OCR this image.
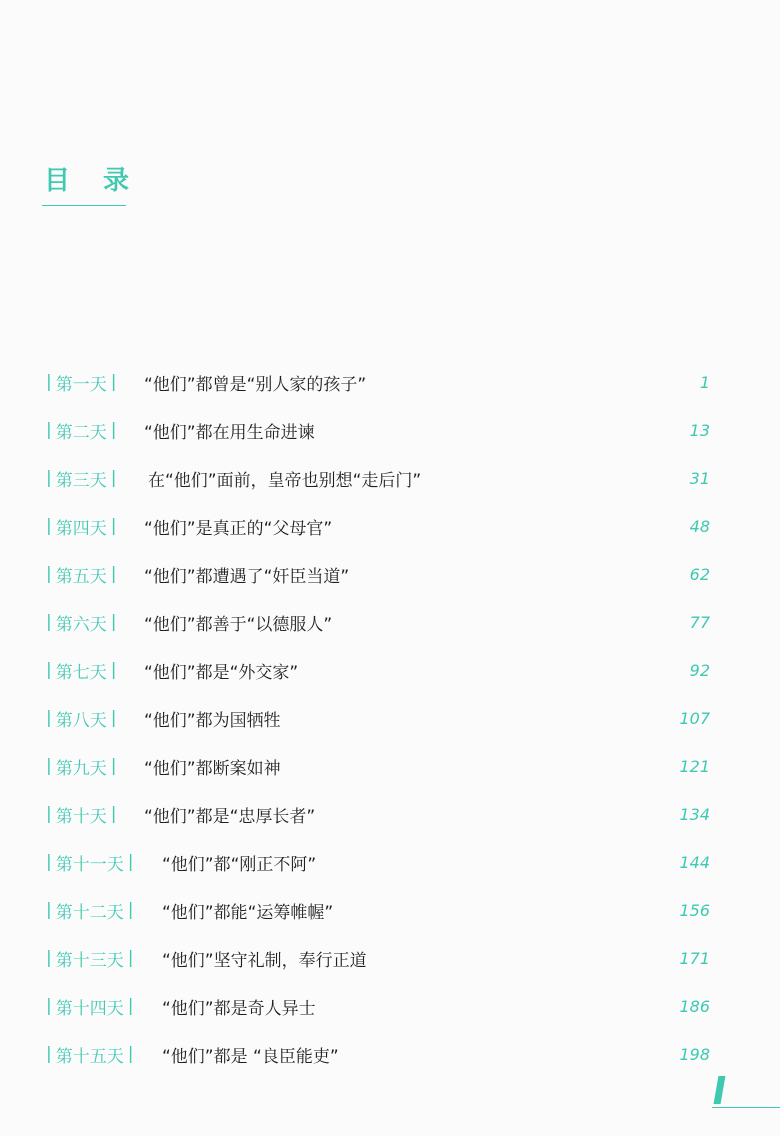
目 录
| 第一天 | “他们”都曾是“别人家的孩子”	1
| 第二天 | “他们”都在用生命进谏	13
| 第三天 | 在“他们”面前，皇帝也别想“走后门”	31
| 第四天 | “他们”是真正的“父母官”	48
| 第五天 | “他们”都遭遇了“奸臣当道”	62
| 第六天 | “他们”都善于“以德服人”	77
| 第七天 | “他们”都是“外交家”	92
| 第八天 | “他们”都为国牺牲	107
| 第九天 | “他们”都断案如神	121
| 第十天 | “他们”都是“忠厚长者”	134
| 第十一天 | “他们”都“刚正不阿”	144
| 第十二天 | “他们”都能“运筹帷幄”	156
| 第十三天 | “他们”坚守礼制，奉行正道	171
| 第十四天 | “他们”都是奇人异士	186
| 第十五天 | “他们”都是 “良臣能吏”	198
